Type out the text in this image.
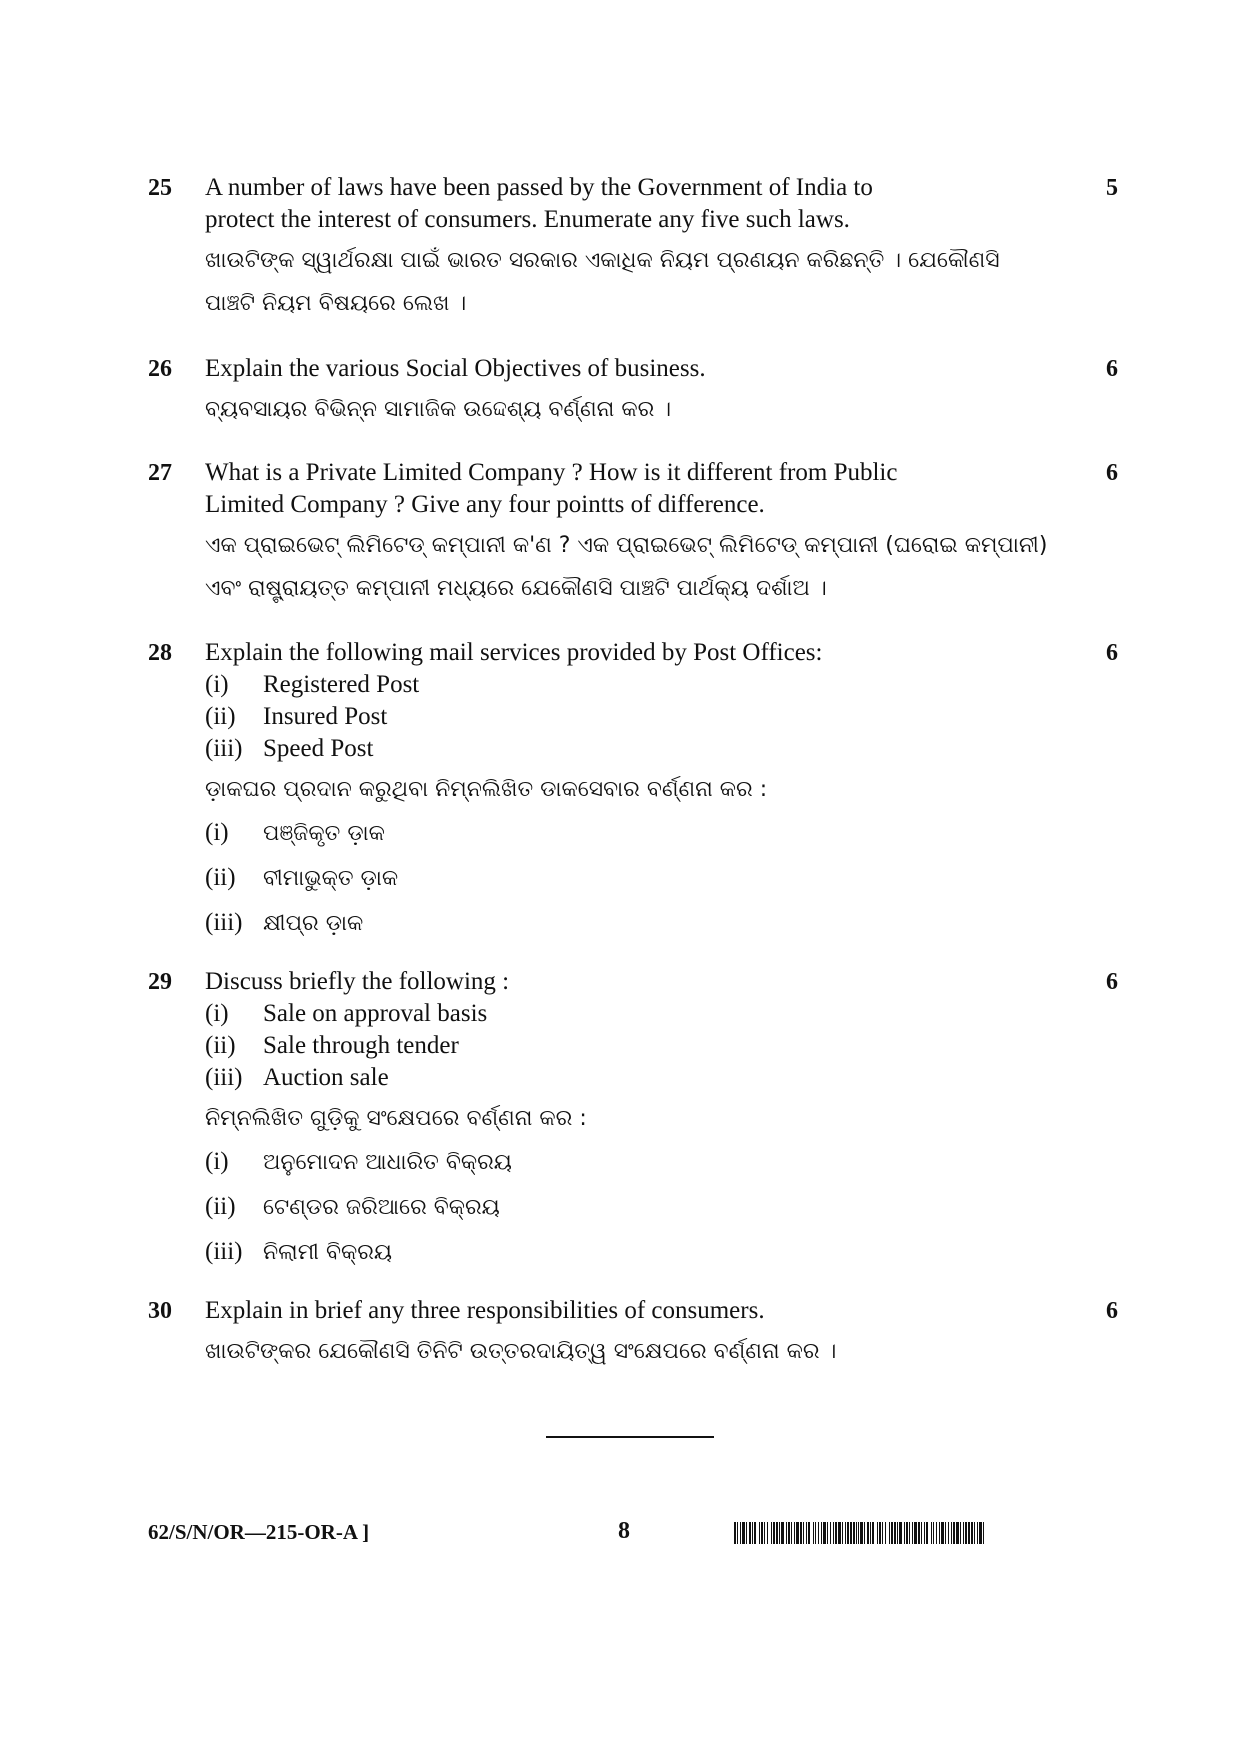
25 A number of laws have been passed by the Government of India to
protect the interest of consumers. Enumerate any five such laws.
ଖାଉଟିଙ୍କ ସ୍ୱାର୍ଥରକ୍ଷା ପାଇଁ ଭାରତ ସରକାର ଏକାଧିକ ନିୟମ ପ୍ରଣୟନ କରିଛନ୍ତି । ଯେକୌଣସି
ପାଞ୍ଚଟି ନିୟମ ବିଷୟରେ ଲେଖ ।
5
26 Explain the various Social Objectives of business.
ବ୍ୟବସାୟର ବିଭିନ୍ନ ସାମାଜିକ ଉଦ୍ଦେଶ୍ୟ ବର୍ଣ୍ଣନା କର ।
6
27 What is a Private Limited Company ? How is it different from Public
Limited Company ? Give any four pointts of difference.
ଏକ ପ୍ରାଇଭେଟ୍ ଲିମିଟେଡ୍ କମ୍ପାନୀ କ'ଣ ? ଏକ ପ୍ରାଇଭେଟ୍ ଲିମିଟେଡ୍ କମ୍ପାନୀ (ଘରୋଇ କମ୍ପାନୀ)
ଏବଂ ରାଷ୍ଟ୍ରାୟତ୍ତ କମ୍ପାନୀ ମଧ୍ୟରେ ଯେକୌଣସି ପାଞ୍ଚଟି ପାର୍ଥକ୍ୟ ଦର୍ଶାଅ ।
6
28 Explain the following mail services provided by Post Offices:
(i) Registered Post
(ii) Insured Post
(iii) Speed Post
ଡ଼ାକଘର ପ୍ରଦାନ କରୁଥିବା ନିମ୍ନଲିଖିତ ଡାକସେବାର ବର୍ଣ୍ଣନା କର :
(i) ପଞ୍ଜିକୃତ ଡ଼ାକ
(ii) ବୀମାଭୁକ୍ତ ଡ଼ାକ
(iii) କ୍ଷୀପ୍ର ଡ଼ାକ
6
29 Discuss briefly the following :
(i) Sale on approval basis
(ii) Sale through tender
(iii) Auction sale
ନିମ୍ନଲିଖିତ ଗୁଡ଼ିକୁ ସଂକ୍ଷେପରେ ବର୍ଣ୍ଣନା କର :
(i) ଅନୁମୋଦନ ଆଧାରିତ ବିକ୍ରୟ
(ii) ଟେଣ୍ଡର ଜରିଆରେ ବିକ୍ରୟ
(iii) ନିଲାମୀ ବିକ୍ରୟ
6
30 Explain in brief any three responsibilities of consumers.
ଖାଉଟିଙ୍କର ଯେକୌଣସି ତିନିଟି ଉତ୍ତରଦାୟିତ୍ୱ ସଂକ୍ଷେପରେ ବର୍ଣ୍ଣନା କର ।
6
62/S/N/OR—215-OR-A ]	8
